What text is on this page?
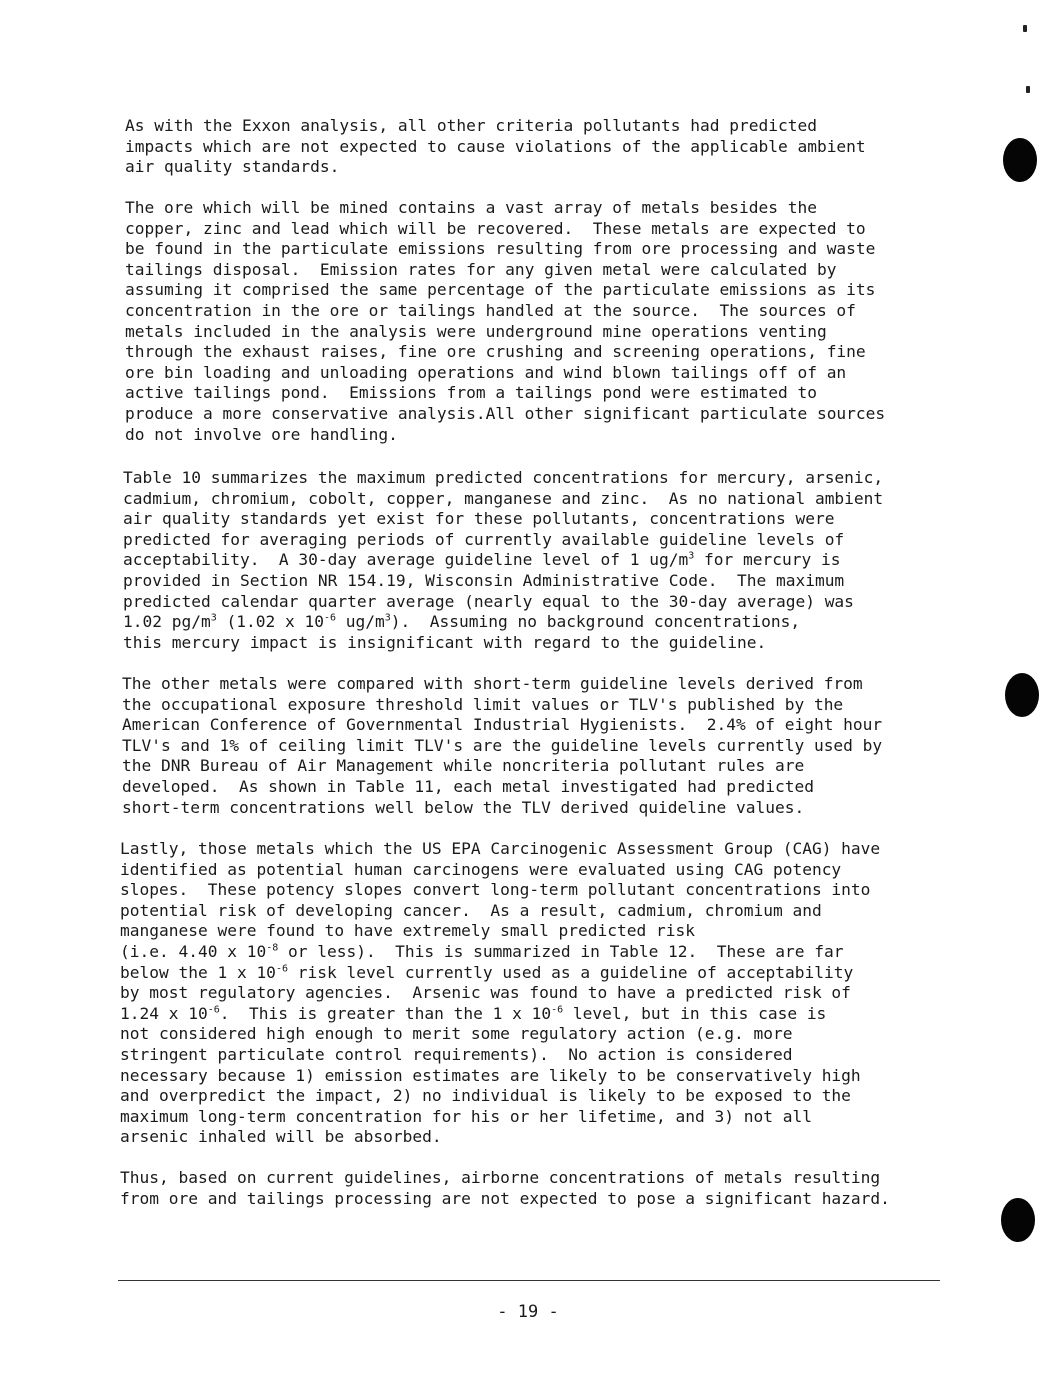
As with the Exxon analysis, all other criteria pollutants had predicted
impacts which are not expected to cause violations of the applicable ambient
air quality standards.
The ore which will be mined contains a vast array of metals besides the
copper, zinc and lead which will be recovered.  These metals are expected to
be found in the particulate emissions resulting from ore processing and waste
tailings disposal.  Emission rates for any given metal were calculated by
assuming it comprised the same percentage of the particulate emissions as its
concentration in the ore or tailings handled at the source.  The sources of
metals included in the analysis were underground mine operations venting
through the exhaust raises, fine ore crushing and screening operations, fine
ore bin loading and unloading operations and wind blown tailings off of an
active tailings pond.  Emissions from a tailings pond were estimated to
produce a more conservative analysis.All other significant particulate sources
do not involve ore handling.
Table 10 summarizes the maximum predicted concentrations for mercury, arsenic,
cadmium, chromium, cobolt, copper, manganese and zinc.  As no national ambient
air quality standards yet exist for these pollutants, concentrations were
predicted for averaging periods of currently available guideline levels of
acceptability.  A 30-day average guideline level of 1 $ug/m^3$ for mercury is
provided in Section NR 154.19, Wisconsin Administrative Code.  The maximum
predicted calendar quarter average (nearly equal to the 30-day average) was
1.02 $pg/m^3$ (1.02 x $10^{-6}$ $ug/m^3$).  Assuming no background concentrations,
this mercury impact is insignificant with regard to the guideline.
The other metals were compared with short-term guideline levels derived from
the occupational exposure threshold limit values or TLV's published by the
American Conference of Governmental Industrial Hygienists.  2.4% of eight hour
TLV's and 1% of ceiling limit TLV's are the guideline levels currently used by
the DNR Bureau of Air Management while noncriteria pollutant rules are
developed.  As shown in Table 11, each metal investigated had predicted
short-term concentrations well below the TLV derived quideline values.
Lastly, those metals which the US EPA Carcinogenic Assessment Group (CAG) have
identified as potential human carcinogens were evaluated using CAG potency
slopes.  These potency slopes convert long-term pollutant concentrations into
potential risk of developing cancer.  As a result, cadmium, chromium and
manganese were found to have extremely small predicted risk
(i.e. 4.40 x $10^{-8}$ or less).  This is summarized in Table 12.  These are far
below the 1 x $10^{-6}$ risk level currently used as a guideline of acceptability
by most regulatory agencies.  Arsenic was found to have a predicted risk of
1.24 x $10^{-6}$.  This is greater than the 1 x $10^{-6}$ level, but in this case is
not considered high enough to merit some regulatory action (e.g. more
stringent particulate control requirements).  No action is considered
necessary because 1) emission estimates are likely to be conservatively high
and overpredict the impact, 2) no individual is likely to be exposed to the
maximum long-term concentration for his or her lifetime, and 3) not all
arsenic inhaled will be absorbed.
Thus, based on current guidelines, airborne concentrations of metals resulting
from ore and tailings processing are not expected to pose a significant hazard.
- 19 -
